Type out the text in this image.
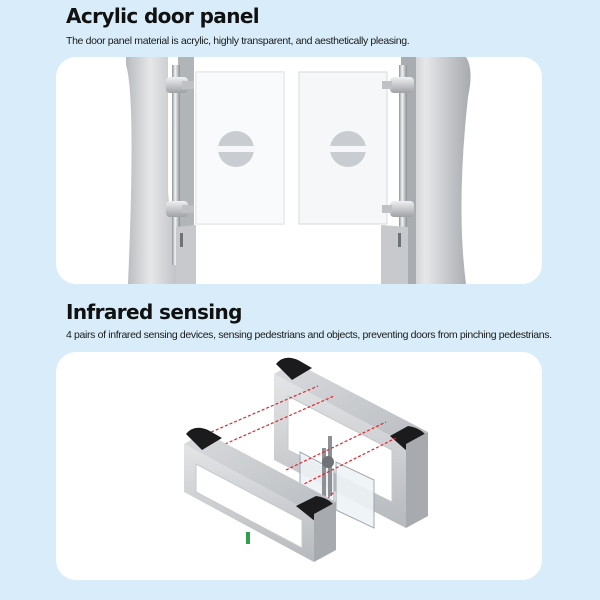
Acrylic door panel

The door panel material is acrylic, highly transparent, and aesthetically pleasing.

Infrared sensing

4 pairs of infrared sensing devices, sensing pedestrians and objects, preventing doors from pinching pedestrians.
